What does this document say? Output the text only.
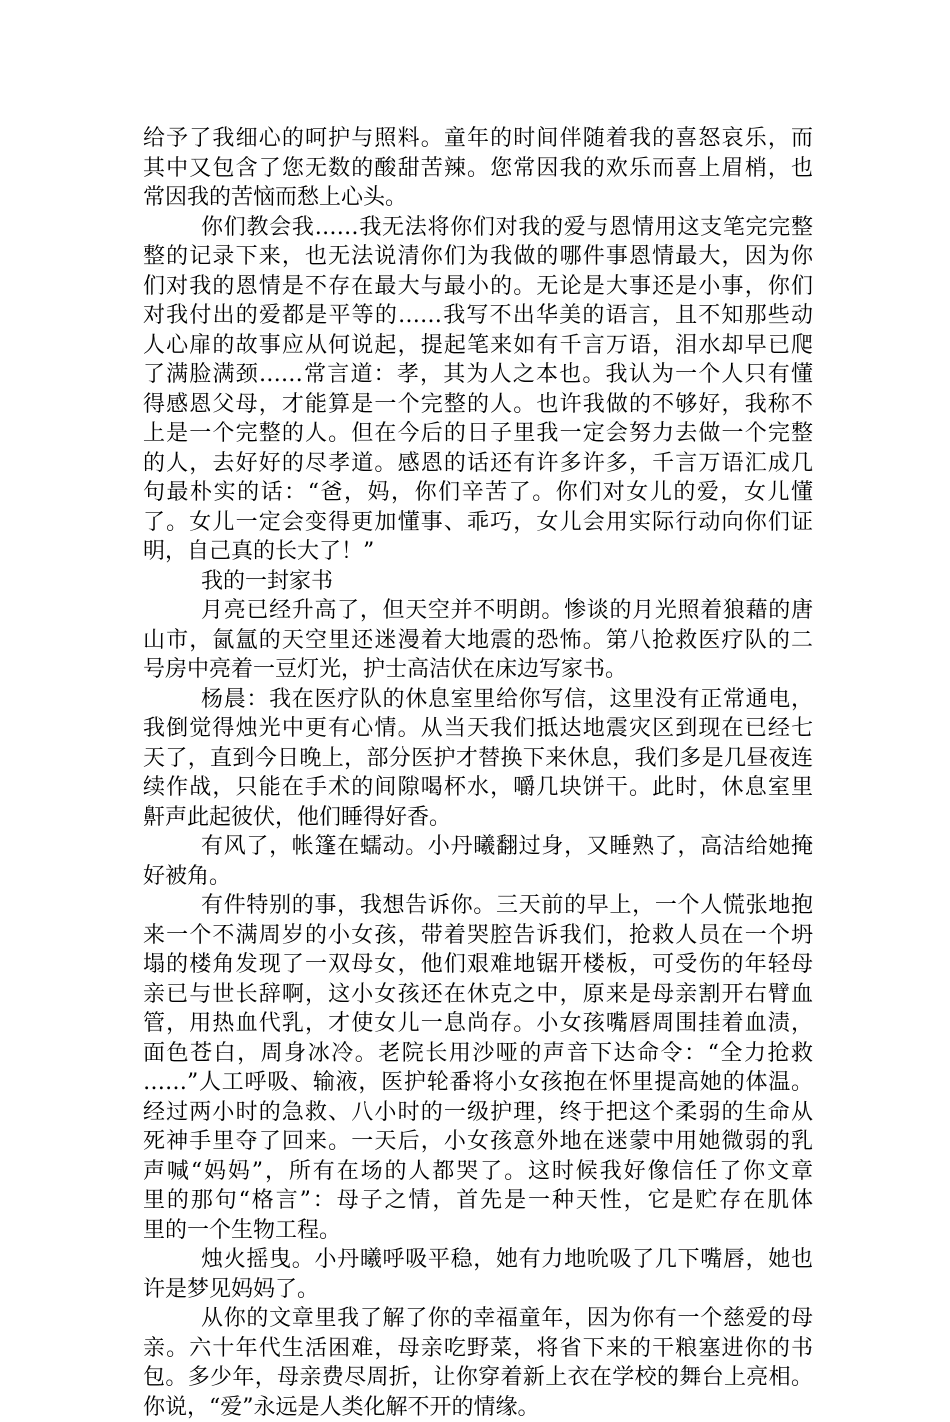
给予了我细心的呵护与照料。童年的时间伴随着我的喜怒哀乐，而
其中又包含了您无数的酸甜苦辣。您常因我的欢乐而喜上眉梢，也
常因我的苦恼而愁上心头。
你们教会我……我无法将你们对我的爱与恩情用这支笔完完整
整的记录下来，也无法说清你们为我做的哪件事恩情最大，因为你
们对我的恩情是不存在最大与最小的。无论是大事还是小事，你们
对我付出的爱都是平等的……我写不出华美的语言，且不知那些动
人心扉的故事应从何说起，提起笔来如有千言万语，泪水却早已爬
了满脸满颈……常言道：孝，其为人之本也。我认为一个人只有懂
得感恩父母，才能算是一个完整的人。也许我做的不够好，我称不
上是一个完整的人。但在今后的日子里我一定会努力去做一个完整
的人，去好好的尽孝道。感恩的话还有许多许多，千言万语汇成几
句最朴实的话：“爸，妈，你们辛苦了。你们对女儿的爱，女儿懂
了。女儿一定会变得更加懂事、乖巧，女儿会用实际行动向你们证
明，自己真的长大了！”
我的一封家书
月亮已经升高了，但天空并不明朗。惨谈的月光照着狼藉的唐
山市，氤氲的天空里还迷漫着大地震的恐怖。第八抢救医疗队的二
号房中亮着一豆灯光，护士高洁伏在床边写家书。
杨晨：我在医疗队的休息室里给你写信，这里没有正常通电，
我倒觉得烛光中更有心情。从当天我们抵达地震灾区到现在已经七
天了，直到今日晚上，部分医护才替换下来休息，我们多是几昼夜连
续作战，只能在手术的间隙喝杯水，嚼几块饼干。此时，休息室里
鼾声此起彼伏，他们睡得好香。
有风了，帐篷在蠕动。小丹曦翻过身，又睡熟了，高洁给她掩
好被角。
有件特别的事，我想告诉你。三天前的早上，一个人慌张地抱
来一个不满周岁的小女孩，带着哭腔告诉我们，抢救人员在一个坍
塌的楼角发现了一双母女，他们艰难地锯开楼板，可受伤的年轻母
亲已与世长辞啊，这小女孩还在休克之中，原来是母亲割开右臂血
管，用热血代乳，才使女儿一息尚存。小女孩嘴唇周围挂着血渍，
面色苍白，周身冰冷。老院长用沙哑的声音下达命令：“全力抢救
……”人工呼吸、输液，医护轮番将小女孩抱在怀里提高她的体温。
经过两小时的急救、八小时的一级护理，终于把这个柔弱的生命从
死神手里夺了回来。一天后，小女孩意外地在迷蒙中用她微弱的乳
声喊“妈妈”，所有在场的人都哭了。这时候我好像信任了你文章
里的那句“格言”：母子之情，首先是一种天性，它是贮存在肌体
里的一个生物工程。
烛火摇曳。小丹曦呼吸平稳，她有力地吮吸了几下嘴唇，她也
许是梦见妈妈了。
从你的文章里我了解了你的幸福童年，因为你有一个慈爱的母
亲。六十年代生活困难，母亲吃野菜，将省下来的干粮塞进你的书
包。多少年，母亲费尽周折，让你穿着新上衣在学校的舞台上亮相。
你说，“爱”永远是人类化解不开的情缘。
